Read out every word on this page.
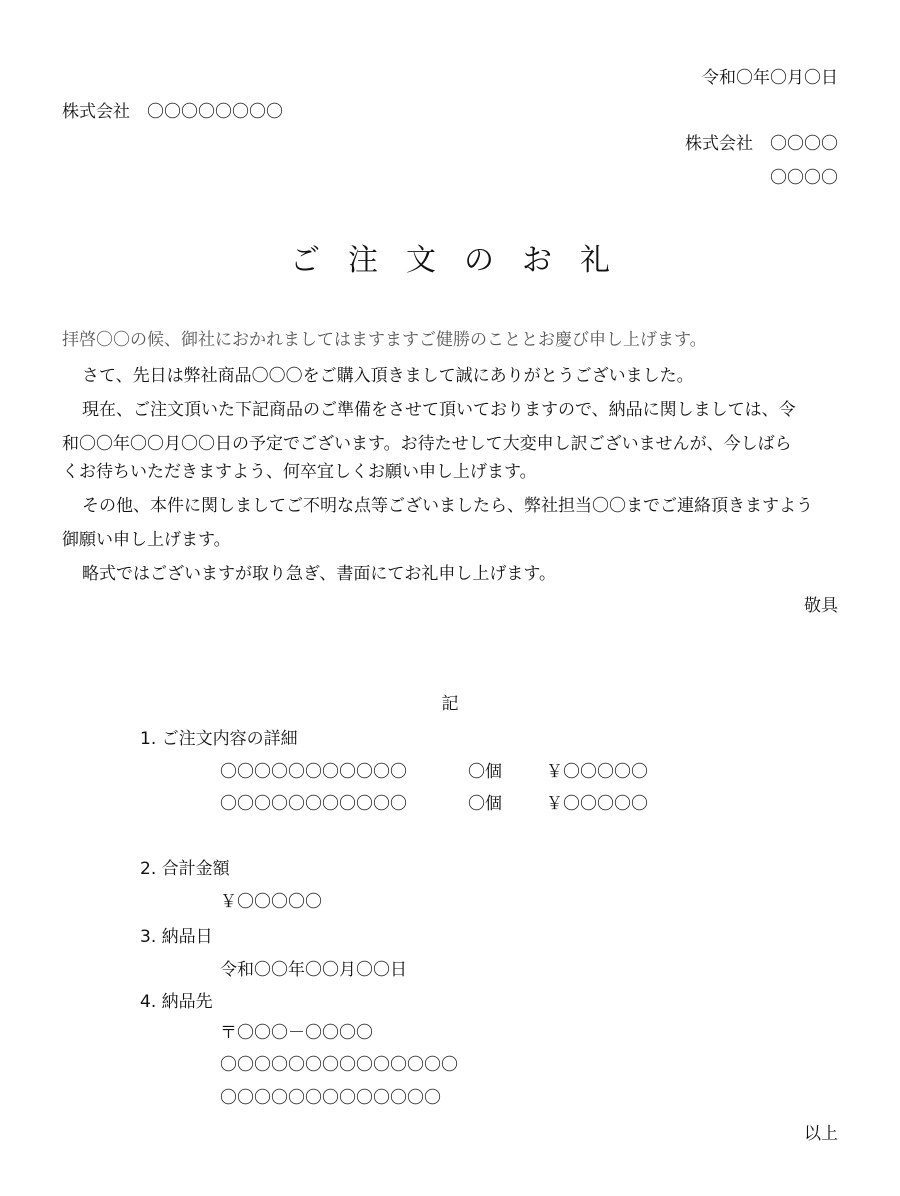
令和〇年〇月〇日
株式会社　〇〇〇〇〇〇〇〇
株式会社　〇〇〇〇
〇〇〇〇
ご注文のお礼
拝啓〇〇の候、御社におかれましてはますますご健勝のこととお慶び申し上げます。
さて、先日は弊社商品〇〇〇をご購入頂きまして誠にありがとうございました。
現在、ご注文頂いた下記商品のご準備をさせて頂いておりますので、納品に関しましては、令
和〇〇年〇〇月〇〇日の予定でございます。お待たせして大変申し訳ございませんが、今しばら
くお待ちいただきますよう、何卒宜しくお願い申し上げます。
その他、本件に関しましてご不明な点等ございましたら、弊社担当〇〇までご連絡頂きますよう
御願い申し上げます。
略式ではございますが取り急ぎ、書面にてお礼申し上げます。
敬具
記
1. ご注文内容の詳細
〇〇〇〇〇〇〇〇〇〇〇	〇個	￥〇〇〇〇〇
〇〇〇〇〇〇〇〇〇〇〇	〇個	￥〇〇〇〇〇
2. 合計金額
￥〇〇〇〇〇
3. 納品日
令和〇〇年〇〇月〇〇日
4. 納品先
〒〇〇〇－〇〇〇〇
〇〇〇〇〇〇〇〇〇〇〇〇〇〇
〇〇〇〇〇〇〇〇〇〇〇〇〇
以上
